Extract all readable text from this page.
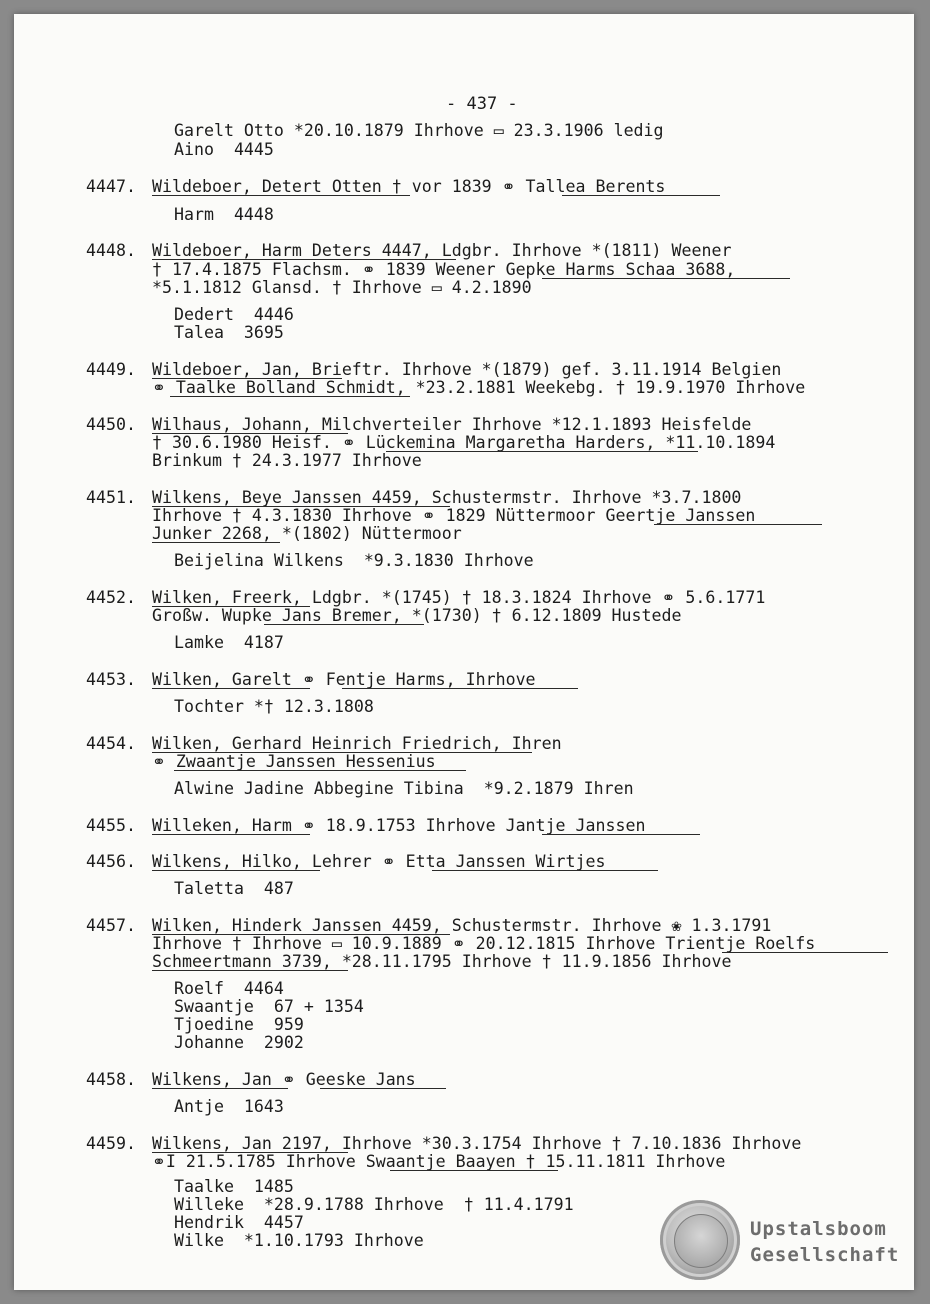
- 437 -
Garelt Otto *20.10.1879 Ihrhove ▭ 23.3.1906 ledig
Aino  4445
4447. Wildeboer, Detert Otten † vor 1839 ⚭ Tallea Berents
Harm  4448
4448. Wildeboer, Harm Deters 4447, Ldgbr. Ihrhove *(1811) Weener
† 17.4.1875 Flachsm. ⚭ 1839 Weener Gepke Harms Schaa 3688,
*5.1.1812 Glansd. † Ihrhove ▭ 4.2.1890
Dedert  4446
Talea  3695
4449. Wildeboer, Jan, Brieftr. Ihrhove *(1879) gef. 3.11.1914 Belgien
⚭ Taalke Bolland Schmidt, *23.2.1881 Weekebg. † 19.9.1970 Ihrhove
4450. Wilhaus, Johann, Milchverteiler Ihrhove *12.1.1893 Heisfelde
† 30.6.1980 Heisf. ⚭ Lückemina Margaretha Harders, *11.10.1894
Brinkum † 24.3.1977 Ihrhove
4451. Wilkens, Beye Janssen 4459, Schustermstr. Ihrhove *3.7.1800
Ihrhove † 4.3.1830 Ihrhove ⚭ 1829 Nüttermoor Geertje Janssen
Junker 2268, *(1802) Nüttermoor
Beijelina Wilkens  *9.3.1830 Ihrhove
4452. Wilken, Freerk, Ldgbr. *(1745) † 18.3.1824 Ihrhove ⚭ 5.6.1771
Großw. Wupke Jans Bremer, *(1730) † 6.12.1809 Hustede
Lamke  4187
4453. Wilken, Garelt ⚭ Fentje Harms, Ihrhove
Tochter *† 12.3.1808
4454. Wilken, Gerhard Heinrich Friedrich, Ihren
⚭ Zwaantje Janssen Hessenius
Alwine Jadine Abbegine Tibina  *9.2.1879 Ihren
4455. Willeken, Harm ⚭ 18.9.1753 Ihrhove Jantje Janssen
4456. Wilkens, Hilko, Lehrer ⚭ Etta Janssen Wirtjes
Taletta  487
4457. Wilken, Hinderk Janssen 4459, Schustermstr. Ihrhove ❀ 1.3.1791
Ihrhove † Ihrhove ▭ 10.9.1889 ⚭ 20.12.1815 Ihrhove Trientje Roelfs
Schmeertmann 3739, *28.11.1795 Ihrhove † 11.9.1856 Ihrhove
Roelf  4464
Swaantje  67 + 1354
Tjoedine  959
Johanne  2902
4458. Wilkens, Jan ⚭ Geeske Jans
Antje  1643
4459. Wilkens, Jan 2197, Ihrhove *30.3.1754 Ihrhove † 7.10.1836 Ihrhove
⚭I 21.5.1785 Ihrhove Swaantje Baayen † 15.11.1811 Ihrhove
Taalke  1485
Willeke  *28.9.1788 Ihrhove  † 11.4.1791
Hendrik  4457
Wilke  *1.10.1793 Ihrhove
Upstalsboom
Gesellschaft
